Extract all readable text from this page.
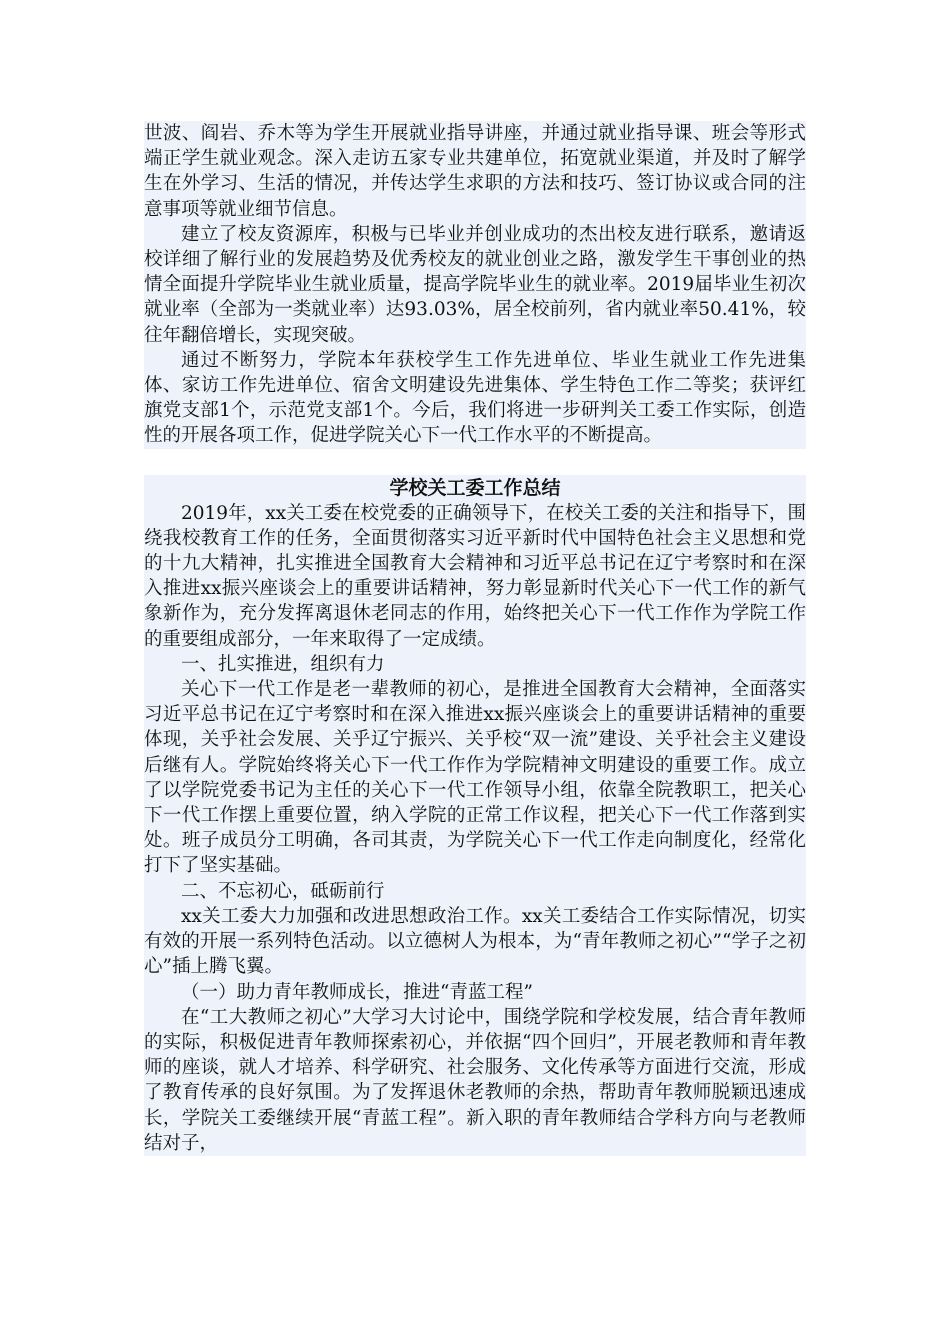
世波、阎岩、乔木等为学生开展就业指导讲座，并通过就业指导课、班会等形式端正学生就业观念。深入走访五家专业共建单位，拓宽就业渠道，并及时了解学生在外学习、生活的情况，并传达学生求职的方法和技巧、签订协议或合同的注意事项等就业细节信息。

建立了校友资源库，积极与已毕业并创业成功的杰出校友进行联系，邀请返校详细了解行业的发展趋势及优秀校友的就业创业之路，激发学生干事创业的热情全面提升学院毕业生就业质量，提高学院毕业生的就业率。2019届毕业生初次就业率（全部为一类就业率）达93.03%，居全校前列，省内就业率50.41%，较往年翻倍增长，实现突破。

通过不断努力，学院本年获校学生工作先进单位、毕业生就业工作先进集体、家访工作先进单位、宿舍文明建设先进集体、学生特色工作二等奖；获评红旗党支部1个，示范党支部1个。今后，我们将进一步研判关工委工作实际，创造性的开展各项工作，促进学院关心下一代工作水平的不断提高。

学校关工委工作总结

2019年，xx关工委在校党委的正确领导下，在校关工委的关注和指导下，围绕我校教育工作的任务，全面贯彻落实习近平新时代中国特色社会主义思想和党的十九大精神，扎实推进全国教育大会精神和习近平总书记在辽宁考察时和在深入推进xx振兴座谈会上的重要讲话精神，努力彰显新时代关心下一代工作的新气象新作为，充分发挥离退休老同志的作用，始终把关心下一代工作作为学院工作的重要组成部分，一年来取得了一定成绩。

一、扎实推进，组织有力

关心下一代工作是老一辈教师的初心，是推进全国教育大会精神，全面落实习近平总书记在辽宁考察时和在深入推进xx振兴座谈会上的重要讲话精神的重要体现，关乎社会发展、关乎辽宁振兴、关乎校“双一流”建设、关乎社会主义建设后继有人。学院始终将关心下一代工作作为学院精神文明建设的重要工作。成立了以学院党委书记为主任的关心下一代工作领导小组，依靠全院教职工，把关心下一代工作摆上重要位置，纳入学院的正常工作议程，把关心下一代工作落到实处。班子成员分工明确，各司其责，为学院关心下一代工作走向制度化，经常化打下了坚实基础。

二、不忘初心，砥砺前行

xx关工委大力加强和改进思想政治工作。xx关工委结合工作实际情况，切实有效的开展一系列特色活动。以立德树人为根本，为“青年教师之初心”“学子之初心”插上腾飞翼。

（一）助力青年教师成长，推进“青蓝工程”

在“工大教师之初心”大学习大讨论中，围绕学院和学校发展，结合青年教师的实际，积极促进青年教师探索初心，并依据“四个回归”，开展老教师和青年教师的座谈，就人才培养、科学研究、社会服务、文化传承等方面进行交流，形成了教育传承的良好氛围。为了发挥退休老教师的余热，帮助青年教师脱颖迅速成长，学院关工委继续开展“青蓝工程”。新入职的青年教师结合学科方向与老教师结对子，
